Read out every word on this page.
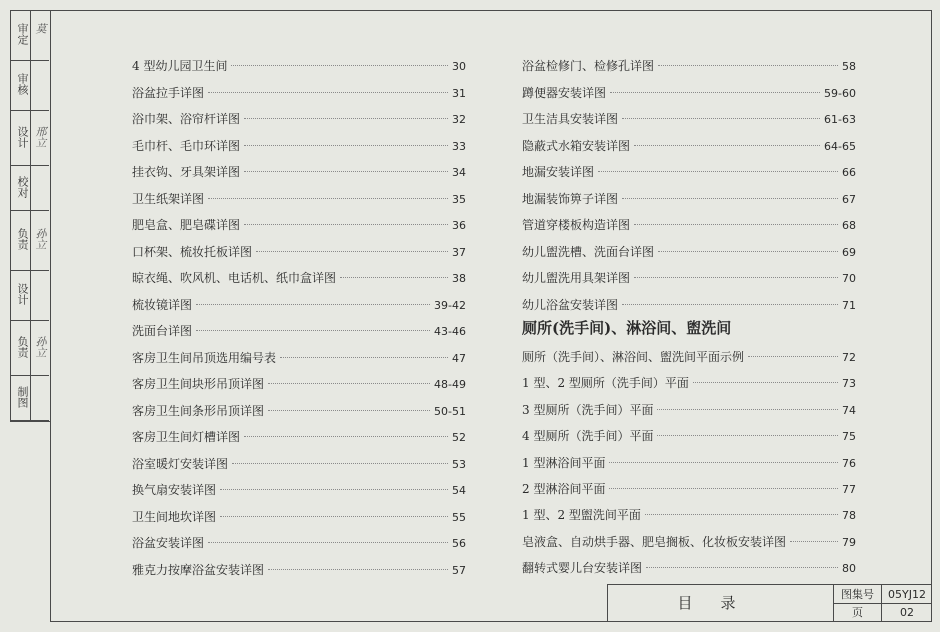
审定 莫
审核
设计 邢立
校对
负责 孙立
设计
负责 孙立
制图
4 型幼儿园卫生间	30
浴盆拉手详图	31
浴巾架、浴帘杆详图	32
毛巾杆、毛巾环详图	33
挂衣钩、牙具架详图	34
卫生纸架详图	35
肥皂盒、肥皂碟详图	36
口杯架、梳妆托板详图	37
晾衣绳、吹风机、电话机、纸巾盒详图	38
梳妆镜详图	39-42
洗面台详图	43-46
客房卫生间吊顶选用编号表	47
客房卫生间块形吊顶详图	48-49
客房卫生间条形吊顶详图	50-51
客房卫生间灯槽详图	52
浴室暖灯安装详图	53
换气扇安装详图	54
卫生间地坎详图	55
浴盆安装详图	56
雅克力按摩浴盆安装详图	57
浴盆检修门、检修孔详图	58
蹲便器安装详图	59-60
卫生洁具安装详图	61-63
隐蔽式水箱安装详图	64-65
地漏安装详图	66
地漏装饰箅子详图	67
管道穿楼板构造详图	68
幼儿盥洗槽、洗面台详图	69
幼儿盥洗用具架详图	70
幼儿浴盆安装详图	71
厕所（洗手间）、淋浴间、盥洗间平面示例	72
1 型、2 型厕所（洗手间）平面	73
3 型厕所（洗手间）平面	74
4 型厕所（洗手间）平面	75
1 型淋浴间平面	76
2 型淋浴间平面	77
1 型、2 型盥洗间平面	78
皂液盒、自动烘手器、肥皂搁板、化妆板安装详图	79
翻转式婴儿台安装详图	80
厕所(洗手间)、淋浴间、盥洗间
目录	图集号	05YJ12
页	02
